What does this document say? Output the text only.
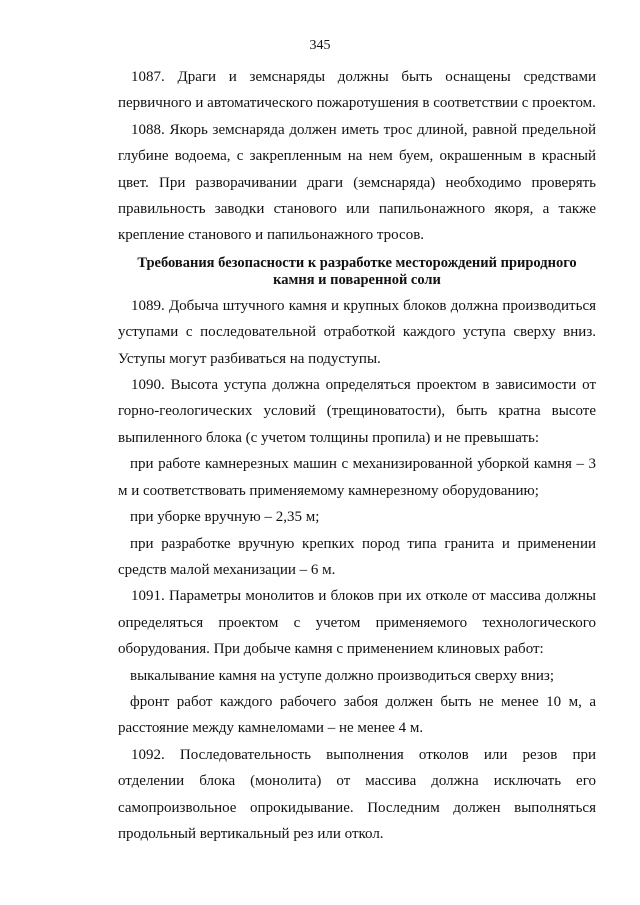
345

1087. Драги и земснаряды должны быть оснащены средствами первичного и автоматического пожаротушения в соответствии с проектом.

1088. Якорь земснаряда должен иметь трос длиной, равной предельной глубине водоема, с закрепленным на нем буем, окрашенным в красный цвет. При разворачивании драги (земснаряда) необходимо проверять правильность заводки станового или папильонажного якоря, а также крепление станового и папильонажного тросов.

Требования безопасности к разработке месторождений природного камня и поваренной соли

1089. Добыча штучного камня и крупных блоков должна производиться уступами с последовательной отработкой каждого уступа сверху вниз. Уступы могут разбиваться на подуступы.

1090. Высота уступа должна определяться проектом в зависимости от горно-геологических условий (трещиноватости), быть кратна высоте выпиленного блока (с учетом толщины пропила) и не превышать:

при работе камнерезных машин с механизированной уборкой камня – 3 м и соответствовать применяемому камнерезному оборудованию;

при уборке вручную – 2,35 м;

при разработке вручную крепких пород типа гранита и применении средств малой механизации – 6 м.

1091. Параметры монолитов и блоков при их отколе от массива должны определяться проектом с учетом применяемого технологического оборудования. При добыче камня с применением клиновых работ:

выкалывание камня на уступе должно производиться сверху вниз;

фронт работ каждого рабочего забоя должен быть не менее 10 м, а расстояние между камнеломами – не менее 4 м.

1092. Последовательность выполнения отколов или резов при отделении блока (монолита) от массива должна исключать его самопроизвольное опрокидывание. Последним должен выполняться продольный вертикальный рез или откол.
